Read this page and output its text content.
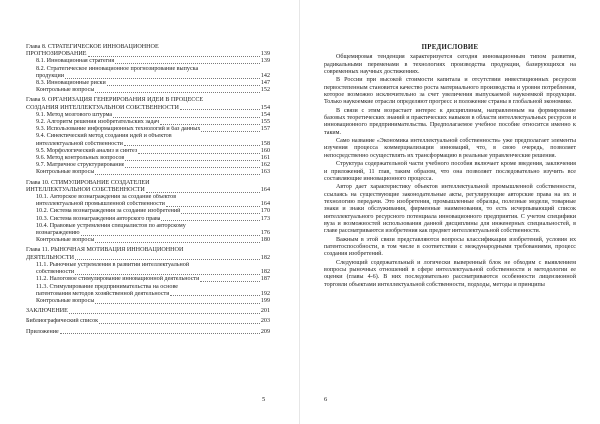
Глава 8. СТРАТЕГИЧЕСКОЕ ИННОВАЦИОННОЕ
ПРОГНОЗИРОВАНИЕ	139
8.1. Инновационная стратегия	139
8.2. Стратегическое инновационное прогнозирование выпуска
продукции	142
8.3. Инновационные риски	147
Контрольные вопросы	152
Глава 9. ОРГАНИЗАЦИЯ ГЕНЕРИРОВАНИЯ ИДЕЙ В ПРОЦЕССЕ
СОЗДАНИЯ ИНТЕЛЛЕКТУАЛЬНОЙ СОБСТВЕННОСТИ	154
9.1. Метод мозгового штурма	154
9.2. Алгоритм решения изобретательских задач	155
9.3. Использование информационных технологий и баз данных	157
9.4. Синектический метод создания идей и объектов
интеллектуальной собственности	158
9.5. Морфологический анализ и синтез	160
9.6. Метод контрольных вопросов	161
9.7. Матричное структурирование	162
Контрольные вопросы	163
Глава 10. СТИМУЛИРОВАНИЕ СОЗДАТЕЛЕЙ
ИНТЕЛЛЕКТУАЛЬНОЙ СОБСТВЕННОСТИ	164
10.1. Авторское вознаграждения за создание объектов
интеллектуальной промышленной собственности	164
10.2. Система вознаграждения за создание изобретений	170
10.3. Система вознаграждения авторского права	173
10.4. Правовые устремления специалистов по авторскому
вознаграждению	176
Контрольные вопросы	180
Глава 11. РЫНОЧНАЯ МОТИВАЦИЯ ИННОВАЦИОННОЙ
ДЕЯТЕЛЬНОСТИ	182
11.1. Рыночные устремления в развитии интеллектуальной
собственности	182
11.2. Налоговое стимулирование инновационной деятельности	187
11.3. Стимулирование предпринимательства на основе
патентования методов хозяйственной деятельности	192
Контрольные вопросы	199
ЗАКЛЮЧЕНИЕ	201
Библиографический список	203
Приложение	209
5
ПРЕДИСЛОВИЕ

Общемировая тенденция характеризуется сегодня инновационным типом развития, радикальными переменами в технологиях производства продукции, базирующихся на современных научных достижениях.

В России при высокой стоимости капитала и отсутствии инвестиционных ресурсов первостепенным становится качество роста материального производства и уровня потребления, которое возможно исключительно за счет увеличения выпускаемой наукоемкой продукции. Только наукоемкие отрасли определяют прогресс и положение страны в глобальной экономике.

В связи с этим возрастает интерес к дисциплинам, направленным на формирование базовых теоретических знаний и практических навыков в области интеллектуальных ресурсов и инновационного предпринимательства. Предполагаемое учебное пособие относится именно к таким.

Само название «Экономика интеллектуальной собственности» уже предполагает элементы изучения процесса коммерциализации инноваций, что, в свою очередь, позволяет непосредственно осуществлять их трансформацию в реальные управленческие решения.

Структура содержательной части учебного пособия включает кроме введения, заключения и приложений, 11 глав, таким образом, что она позволяет последовательно изучить все составляющие инновационного процесса.

Автор дает характеристику объектов интеллектуальной промышленной собственности, ссылаясь на существующие законодательные акты, регулирующие авторские права на их и технологию передачи. Это изобретения, промышленные образцы, полезные модели, товарные знаки и знаки обслуживания, фирменные наименования, то есть исчерпывающий список интеллектуального ресурсного потенциала инновационного предприятия. С учетом специфики вуза и возможностей использования данной дисциплины для инженерных специальностей, в главе рассматриваются изобретения как предмет интеллектуальной собственности.

Важным в этой связи представляются вопросы классификации изобретений, условия их патентоспособности, в том числе в соответствии с международными требованиями, процесс создания изобретений.

Следующий содержательный и логически выверенный блок не обходим с выявлением вопросы рыночных отношений в сфере интеллектуальной собственности и методологии ее оценки (главы 4-6). В них последовательно рассматриваются особенности лицензионной торговли объектами интеллектуальной собственности, подходы, методы и принципы

6
